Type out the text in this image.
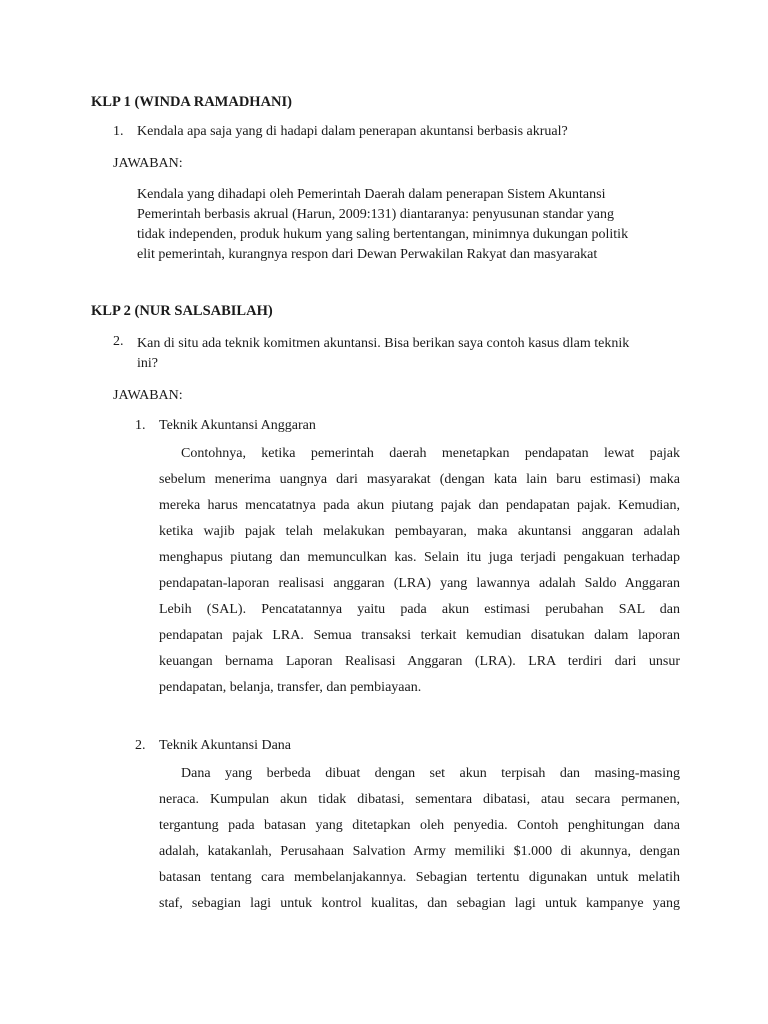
KLP 1 (WINDA RAMADHANI)
1. Kendala apa saja yang di hadapi dalam penerapan akuntansi berbasis akrual?
JAWABAN:
Kendala yang dihadapi oleh Pemerintah Daerah dalam penerapan Sistem Akuntansi
Pemerintah berbasis akrual (Harun, 2009:131) diantaranya: penyusunan standar yang
tidak independen, produk hukum yang saling bertentangan, minimnya dukungan politik
elit pemerintah, kurangnya respon dari Dewan Perwakilan Rakyat dan masyarakat
KLP 2 (NUR SALSABILAH)
2. Kan di situ ada teknik komitmen akuntansi. Bisa berikan saya contoh kasus dlam teknik
ini?
JAWABAN:
1. Teknik Akuntansi Anggaran
Contohnya, ketika pemerintah daerah menetapkan pendapatan lewat pajak
sebelum menerima uangnya dari masyarakat (dengan kata lain baru estimasi) maka
mereka harus mencatatnya pada akun piutang pajak dan pendapatan pajak. Kemudian,
ketika wajib pajak telah melakukan pembayaran, maka akuntansi anggaran adalah
menghapus piutang dan memunculkan kas. Selain itu juga terjadi pengakuan terhadap
pendapatan-laporan realisasi anggaran (LRA) yang lawannya adalah Saldo Anggaran
Lebih (SAL). Pencatatannya yaitu pada akun estimasi perubahan SAL dan
pendapatan pajak LRA. Semua transaksi terkait kemudian disatukan dalam laporan
keuangan bernama Laporan Realisasi Anggaran (LRA). LRA terdiri dari unsur
pendapatan, belanja, transfer, dan pembiayaan.
2. Teknik Akuntansi Dana
Dana yang berbeda dibuat dengan set akun terpisah dan masing-masing
neraca. Kumpulan akun tidak dibatasi, sementara dibatasi, atau secara permanen,
tergantung pada batasan yang ditetapkan oleh penyedia. Contoh penghitungan dana
adalah, katakanlah, Perusahaan Salvation Army memiliki $1.000 di akunnya, dengan
batasan tentang cara membelanjakannya. Sebagian tertentu digunakan untuk melatih
staf, sebagian lagi untuk kontrol kualitas, dan sebagian lagi untuk kampanye yang
